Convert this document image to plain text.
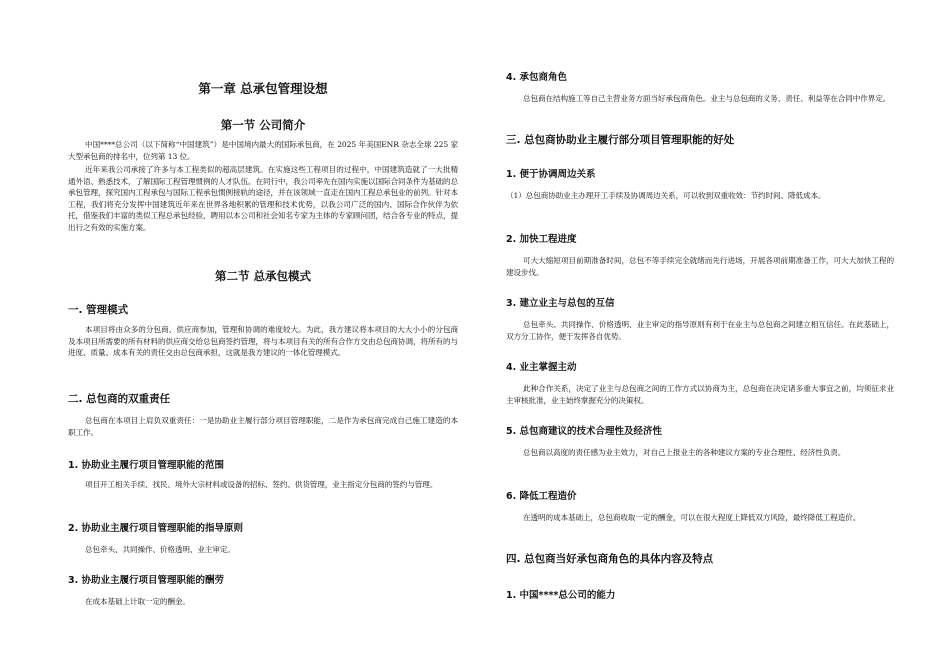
第一章 总承包管理设想
第一节 公司简介

中国****总公司（以下简称“中国建筑”）是中国境内最大的国际承包商，在 2025 年美国ENR 杂志全球 225 家大型承包商的排名中，位列第 13 位。

近年来我公司承接了许多与本工程类似的超高层建筑。在实施这些工程项目的过程中，中国建筑造就了一大批精通外语、熟悉技术，了解国际工程管理惯例的人才队伍。在同行中，我公司率先在国内实施以国际合同条件为基础的总承包管理，探究国内工程承包与国际工程承包惯例接轨的途径，并在该领域一直走在国内工程总承包业的前列。针对本工程，我们将充分发挥中国建筑近年来在世界各地积累的管理和技术优势，以我公司广泛的国内、国际合作伙伴为依托，借鉴我们丰富的类似工程总承包经验，聘用以本公司和社会知名专家为主体的专家顾问团，结合各专业的特点，提出行之有效的实施方案。

第二节 总承包模式
一. 管理模式

本项目将由众多的分包商、供应商参加，管理和协调的难度较大。为此，我方建议将本项目的大大小小的分包商及本项目所需要的所有材料的供应商交给总包商签约管理，将与本项目有关的所有合作方交由总包商协调，将所有的与进度、质量、成本有关的责任交由总包商承担，这就是我方建议的一体化管理模式。

二. 总包商的双重责任

总包商在本项目上肩负双重责任：一是协助业主履行部分项目管理职能，二是作为承包商完成自己施工建造的本职工作。

1. 协助业主履行项目管理职能的范围

项目开工相关手续、找民、境外大宗材料或设备的招标、签约、供货管理，业主指定分包商的签约与管理。

2. 协助业主履行项目管理职能的指导原则

总包牵头、共同操作、价格透明、业主审定。

3. 协助业主履行项目管理职能的酬劳

在成本基础上计取一定的酬金。

4. 承包商角色

总包商在结构施工等自己主营业务方面当好承包商角色。业主与总包商的义务、责任、利益等在合同中作界定。

三. 总包商协助业主履行部分项目管理职能的好处
1. 便于协调周边关系

（1）总包商协助业主办理开工手续及协调周边关系，可以收到双重收效：节约时间、降低成本。

2. 加快工程进度

可大大缩短项目前期准备时间，总包不等手续完全就绪而先行进场，开展各项前期准备工作，可大大加快工程的建设步伐。

3. 建立业主与总包的互信

总包牵头、共同操作、价格透明、业主审定的指导原则有利于在业主与总包商之间建立相互信任。在此基础上，双方分工协作，便于发挥各自优势。

4. 业主掌握主动

此种合作关系，决定了业主与总包商之间的工作方式以协商为主，总包商在决定诸多重大事宜之前，均须征求业主审核批准，业主始终掌握充分的决策权。

5. 总包商建议的技术合理性及经济性

总包商以高度的责任感为业主效力，对自己上报业主的各种建议方案的专业合理性、经济性负责。

6. 降低工程造价

在透明的成本基础上，总包商收取一定的酬金，可以在很大程度上降低双方风险，最终降低工程造价。

四. 总包商当好承包商角色的具体内容及特点
1. 中国****总公司的能力
